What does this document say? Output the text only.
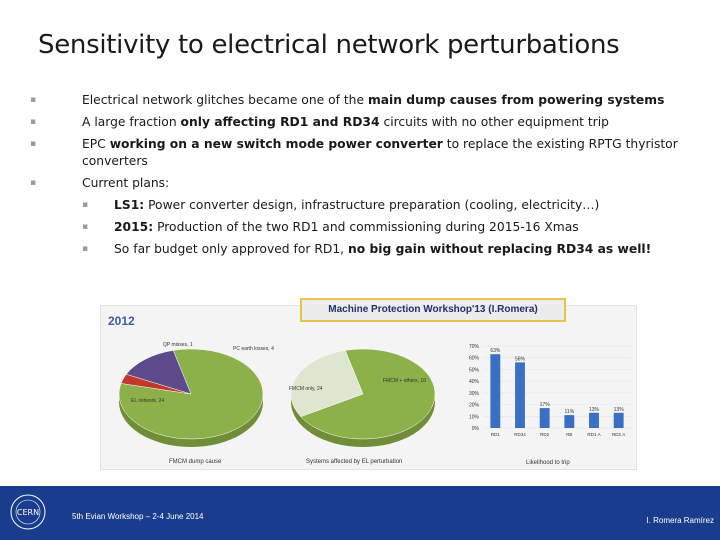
Sensitivity to electrical network perturbations
▪	Electrical network glitches became one of the main dump causes from powering systems
▪	A large fraction only affecting RD1 and RD34 circuits with no other equipment trip
▪	EPC working on a new switch mode power converter to replace the existing RPTG thyristor converters
▪	Current plans:
▪ LS1: Power converter design, infrastructure preparation (cooling, electricity…)
▪ 2015: Production of the two RD1 and commissioning during 2015-16 Xmas
▪ So far budget only approved for RD1, no big gain without replacing RD34 as well!
2012
FMCM dump cause
QP misses, 1
PC earth losses, 4
EL network, 24
Systems affected by EL perturbation
FMCM only, 24
FMCM + others, 10
0%
10%
20%
30%
40%
50%
60%
70%
63%
RD1
56%
RD34
17%
RD2
11%
RB
13%
RD1.A
13%
RD2.A
Likelihood to trip
Machine Protection Workshop'13 (I.Romera)
CERN	5th Evian Workshop – 2-4 June 2014	I. Romera Ramírez
